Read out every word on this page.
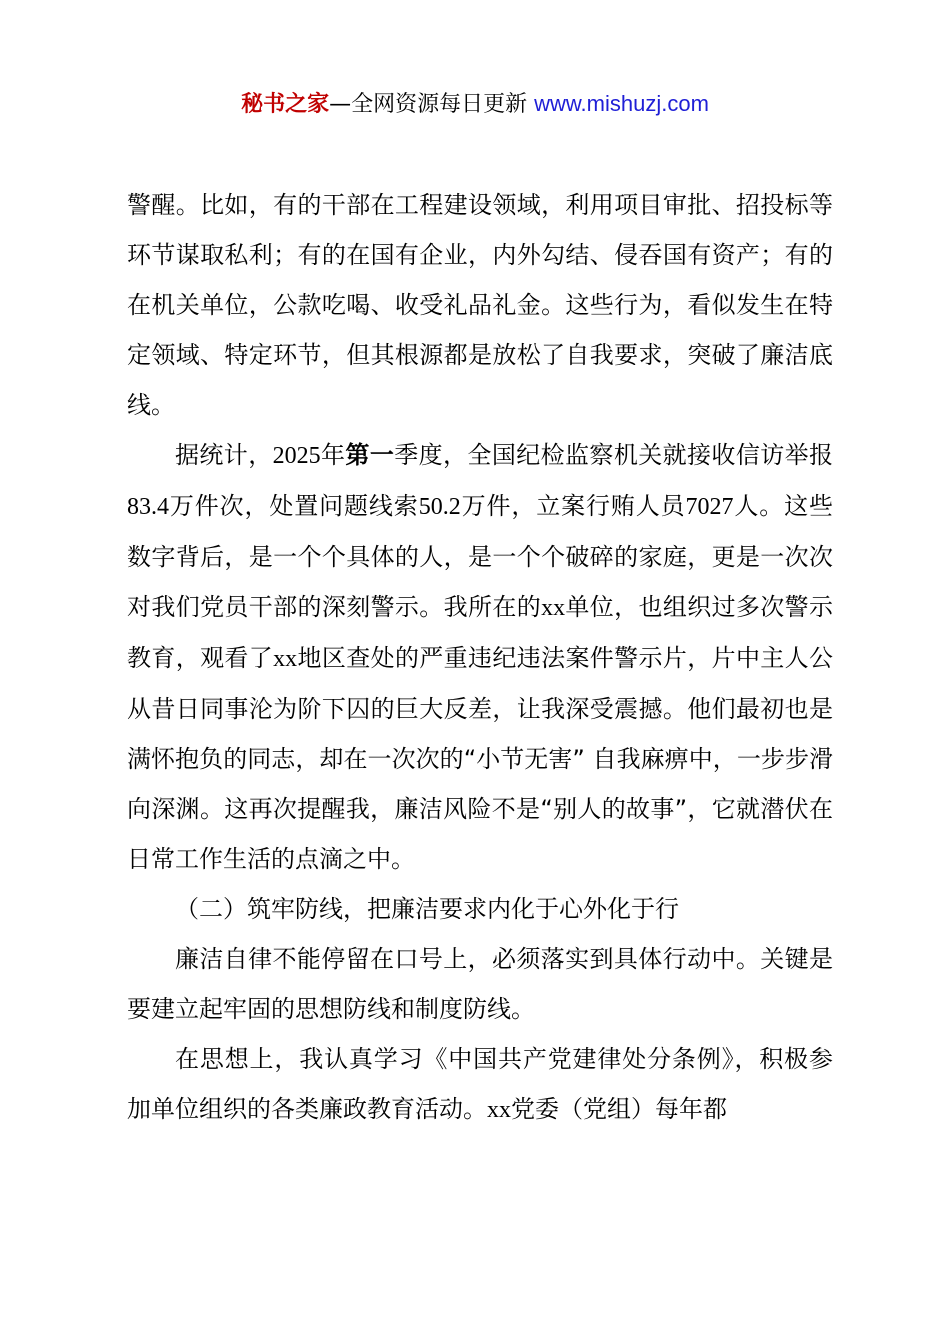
秘书之家—全网资源每日更新 www.mishuzj.com

警醒。比如，有的干部在工程建设领域，利用项目审批、招投标等环节谋取私利；有的在国有企业，内外勾结、侵吞国有资产；有的在机关单位，公款吃喝、收受礼品礼金。这些行为，看似发生在特定领域、特定环节，但其根源都是放松了自我要求，突破了廉洁底线。

据统计，2025年第一季度，全国纪检监察机关就接收信访举报83.4万件次，处置问题线索50.2万件，立案行贿人员7027人。这些数字背后，是一个个具体的人，是一个个破碎的家庭，更是一次次对我们党员干部的深刻警示。我所在的xx单位，也组织过多次警示教育，观看了xx地区查处的严重违纪违法案件警示片，片中主人公从昔日同事沦为阶下囚的巨大反差，让我深受震撼。他们最初也是满怀抱负的同志，却在一次次的“小节无害” 自我麻痹中，一步步滑向深渊。这再次提醒我，廉洁风险不是“别人的故事”，它就潜伏在日常工作生活的点滴之中。

（二）筑牢防线，把廉洁要求内化于心外化于行

廉洁自律不能停留在口号上，必须落实到具体行动中。关键是要建立起牢固的思想防线和制度防线。

在思想上，我认真学习《中国共产党建律处分条例》，积极参加单位组织的各类廉政教育活动。xx党委（党组）每年都
